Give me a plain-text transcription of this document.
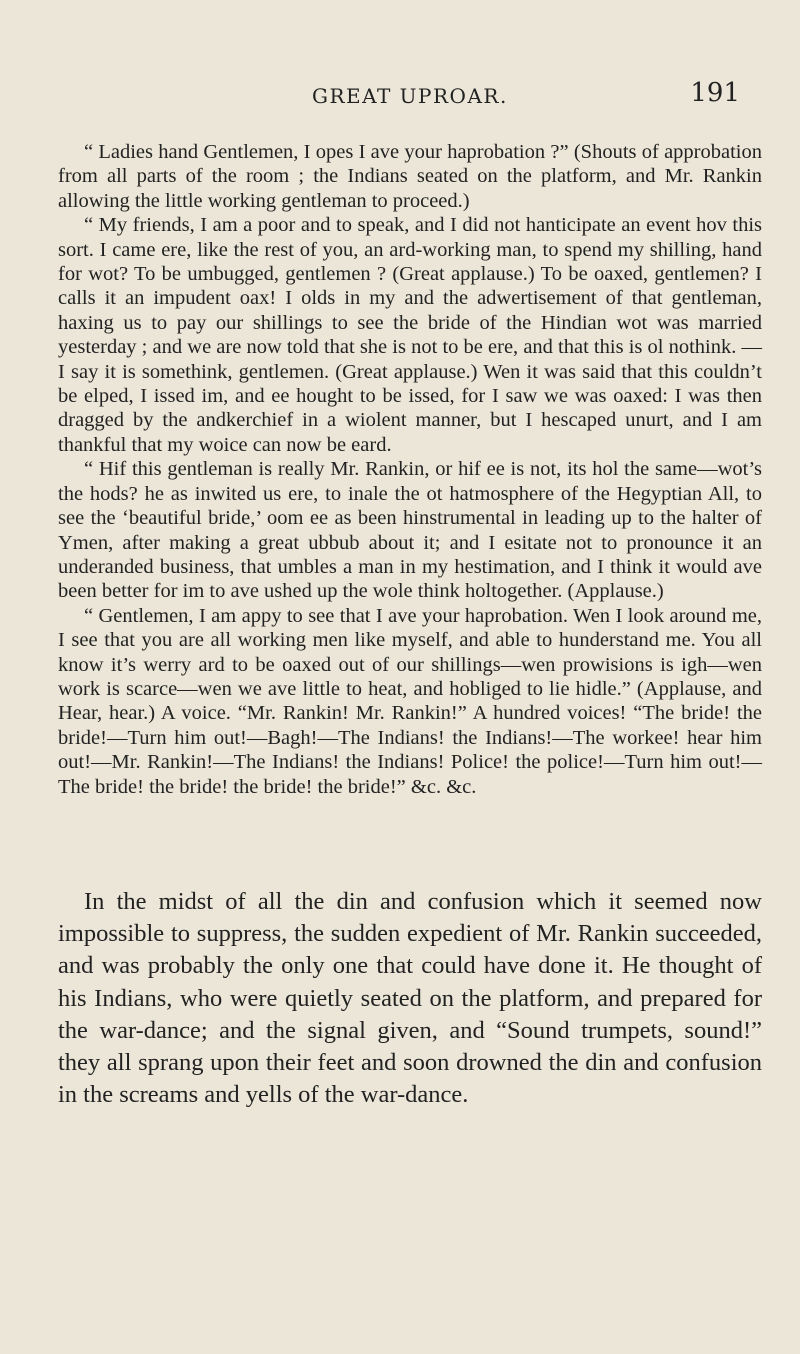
GREAT UPROAR.	191

“ Ladies hand Gentlemen, I opes I ave your haprobation ?” (Shouts of approbation from all parts of the room ; the Indians seated on the platform, and Mr. Rankin allowing the little working gentleman to proceed.)

“ My friends, I am a poor and to speak, and I did not hanticipate an event hov this sort. I came ere, like the rest of you, an ard-working man, to spend my shilling, hand for wot? To be umbugged, gentlemen ? (Great applause.) To be oaxed, gentlemen? I calls it an impudent oax! I olds in my and the adwertisement of that gentleman, haxing us to pay our shillings to see the bride of the Hindian wot was married yesterday ; and we are now told that she is not to be ere, and that this is ol nothink. —I say it is somethink, gentlemen. (Great applause.) Wen it was said that this couldn’t be elped, I issed im, and ee hought to be issed, for I saw we was oaxed: I was then dragged by the andkerchief in a wiolent manner, but I hescaped unurt, and I am thankful that my woice can now be eard.

“ Hif this gentleman is really Mr. Rankin, or hif ee is not, its hol the same—wot’s the hods? he as inwited us ere, to inale the ot hatmosphere of the Hegyptian All, to see the ‘beautiful bride,’ oom ee as been hinstrumental in leading up to the halter of Ymen, after making a great ubbub about it; and I esitate not to pronounce it an underanded business, that umbles a man in my hestimation, and I think it would ave been better for im to ave ushed up the wole think holtogether. (Applause.)

“ Gentlemen, I am appy to see that I ave your haprobation. Wen I look around me, I see that you are all working men like myself, and able to hunderstand me. You all know it’s werry ard to be oaxed out of our shillings—wen prowisions is igh—wen work is scarce—wen we ave little to heat, and hobliged to lie hidle.” (Applause, and Hear, hear.) A voice. “Mr. Rankin! Mr. Rankin!” A hundred voices! “The bride! the bride!—Turn him out!—Bagh!—The Indians! the Indians!—The workee! hear him out!—Mr. Rankin!—The Indians! the Indians! Police! the police!—Turn him out!—The bride! the bride! the bride! the bride!” &c. &c.

In the midst of all the din and confusion which it seemed now impossible to suppress, the sudden expedient of Mr. Rankin succeeded, and was probably the only one that could have done it. He thought of his Indians, who were quietly seated on the platform, and prepared for the war-dance; and the signal given, and “Sound trumpets, sound!” they all sprang upon their feet and soon drowned the din and confusion in the screams and yells of the war-dance.
